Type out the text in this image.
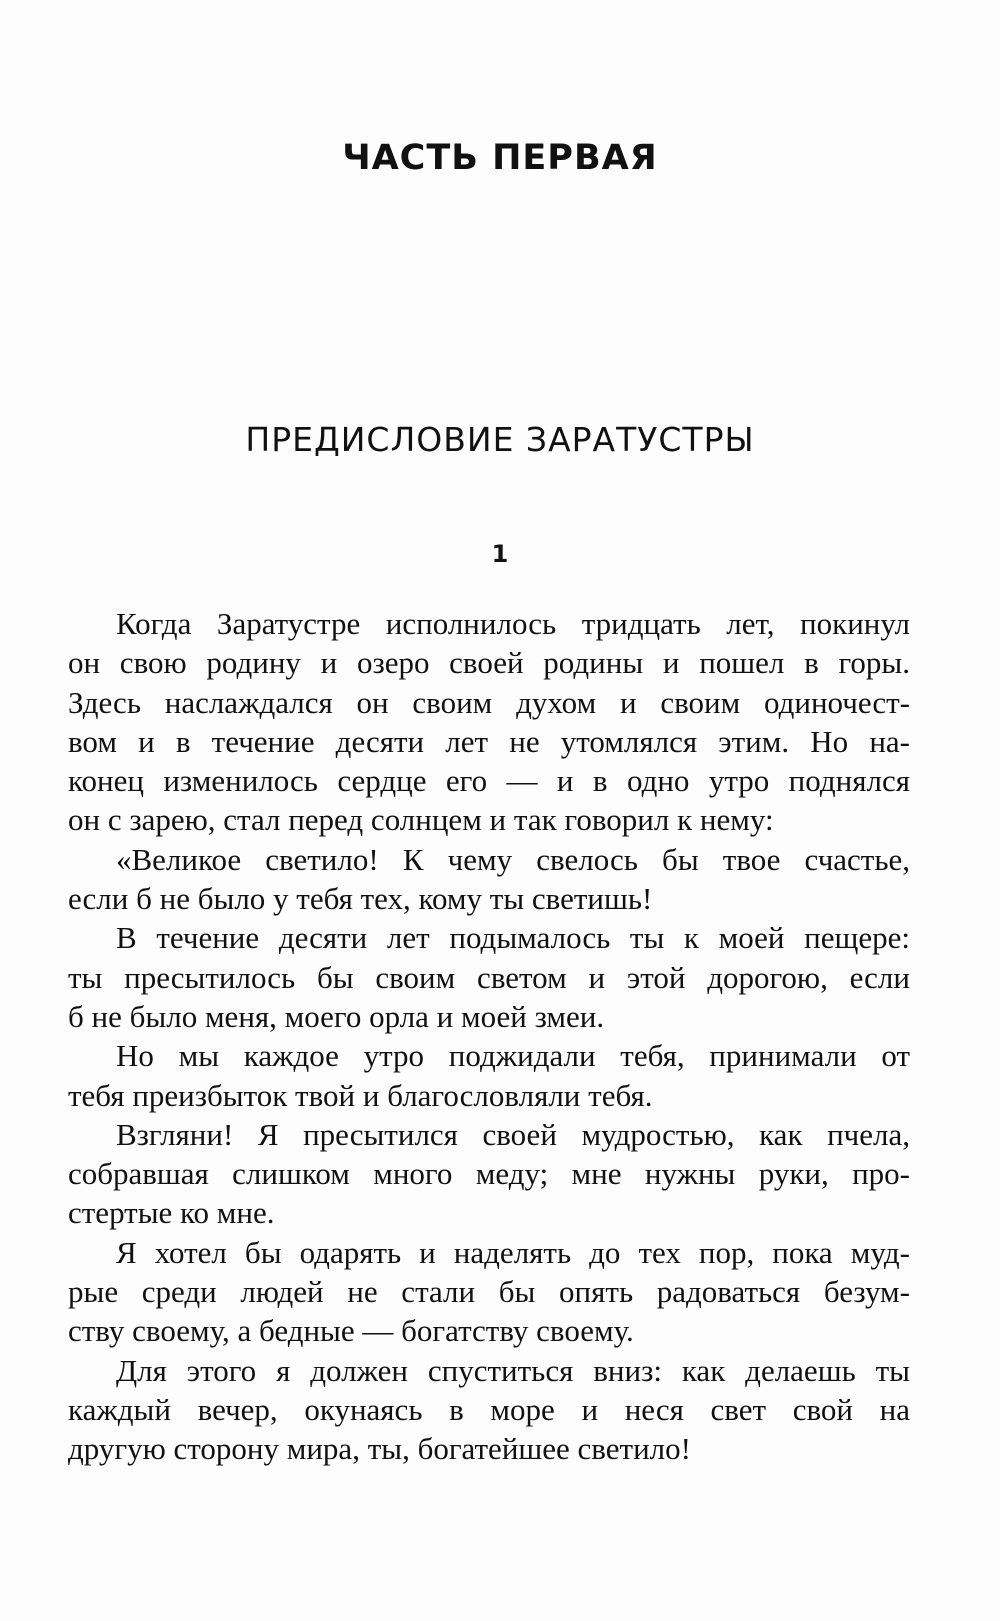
ЧАСТЬ ПЕРВАЯ
ПРЕДИСЛОВИЕ ЗАРАТУСТРЫ
1
Когда Заратустре исполнилось тридцать лет, покинул
он свою родину и озеро своей родины и пошел в горы.
Здесь наслаждался он своим духом и своим одиночест-
вом и в течение десяти лет не утомлялся этим. Но на-
конец изменилось сердце его — и в одно утро поднялся
он с зарею, стал перед солнцем и так говорил к нему:
«Великое светило! К чему свелось бы твое счастье,
если б не было у тебя тех, кому ты светишь!
В течение десяти лет подымалось ты к моей пещере:
ты пресытилось бы своим светом и этой дорогою, если
б не было меня, моего орла и моей змеи.
Но мы каждое утро поджидали тебя, принимали от
тебя преизбыток твой и благословляли тебя.
Взгляни! Я пресытился своей мудростью, как пчела,
собравшая слишком много меду; мне нужны руки, про-
стертые ко мне.
Я хотел бы одарять и наделять до тех пор, пока муд-
рые среди людей не стали бы опять радоваться безум-
ству своему, а бедные — богатству своему.
Для этого я должен спуститься вниз: как делаешь ты
каждый вечер, окунаясь в море и неся свет свой на
другую сторону мира, ты, богатейшее светило!
